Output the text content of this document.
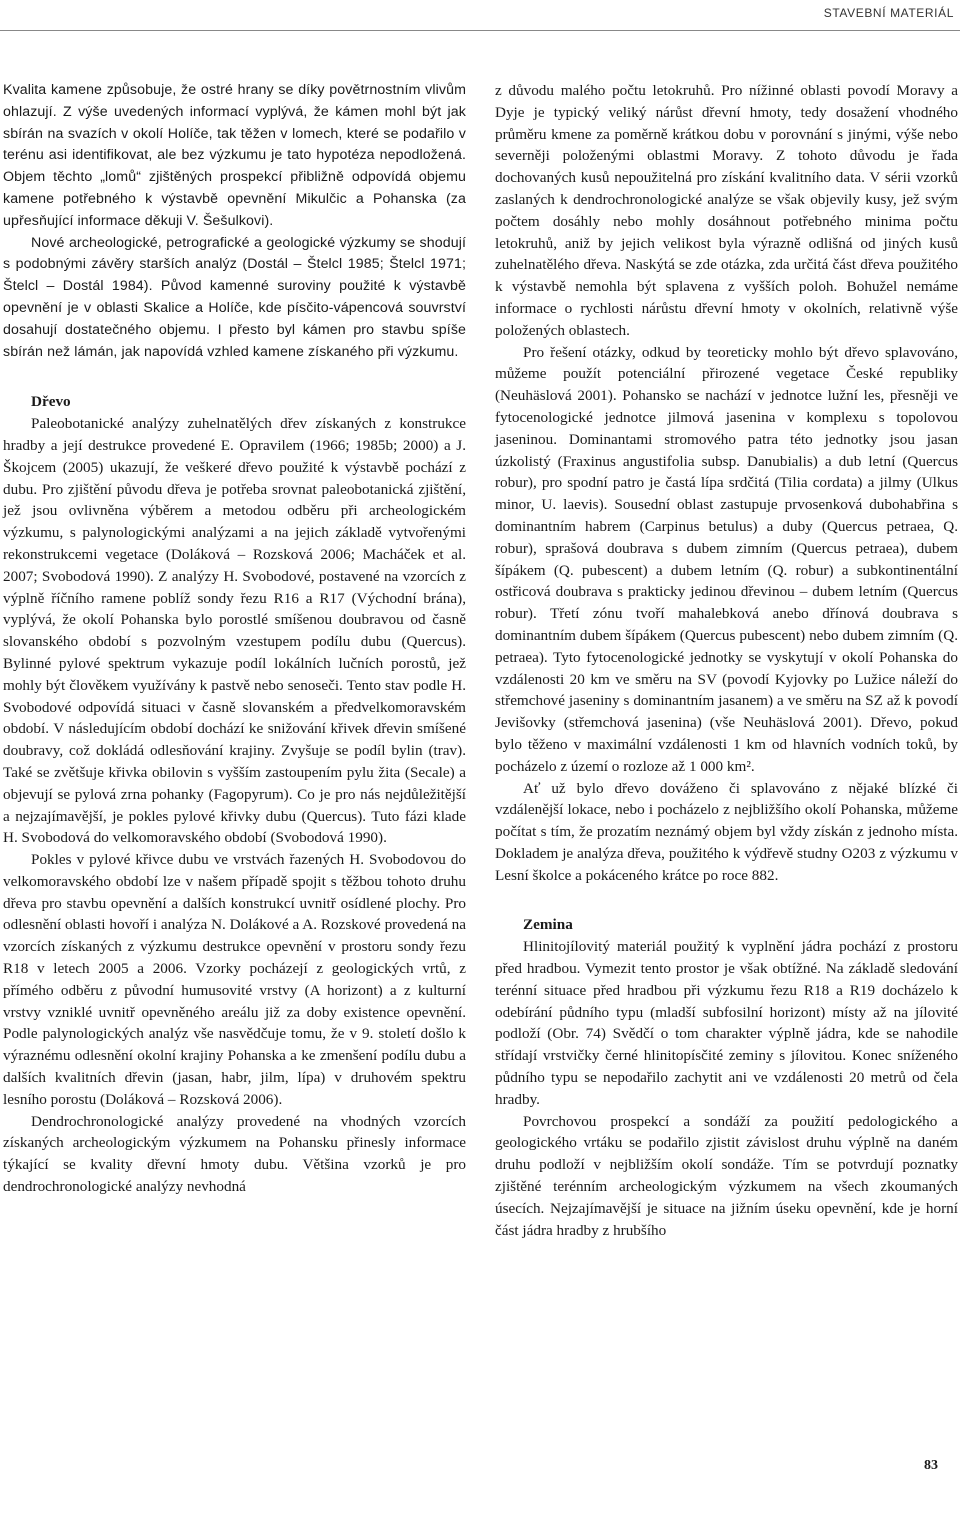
STAVEBNÍ MATERIÁL

Kvalita kamene způsobuje, že ostré hrany se díky povětrnostním vlivům ohlazují. Z výše uvedených informací vyplývá, že kámen mohl být jak sbírán na svazích v okolí Holíče, tak těžen v lomech, které se podařilo v terénu asi identifikovat, ale bez výzkumu je tato hypotéza nepodložená. Objem těchto „lomů“ zjištěných prospekcí přibližně odpovídá objemu kamene potřebného k výstavbě opevnění Mikulčic a Pohanska (za upřesňující informace děkuji V. Šešulkovi).

Nové archeologické, petrografické a geologické výzkumy se shodují s podobnými závěry starších analýz (Dostál – Štelcl 1985; Štelcl 1971; Štelcl – Dostál 1984). Původ kamenné suroviny použité k výstavbě opevnění je v oblasti Skalice a Holíče, kde písčito-vápencová souvrství dosahují dostatečného objemu. I přesto byl kámen pro stavbu spíše sbírán než lámán, jak napovídá vzhled kamene získaného při výzkumu.

Dřevo

Paleobotanické analýzy zuhelnatělých dřev získaných z konstrukce hradby a její destrukce provedené E. Opravilem (1966; 1985b; 2000) a J. Škojcem (2005) ukazují, že veškeré dřevo použité k výstavbě pochází z dubu. Pro zjištění původu dřeva je potřeba srovnat paleobotanická zjištění, jež jsou ovlivněna výběrem a metodou odběru při archeologickém výzkumu, s palynologickými analýzami a na jejich základě vytvořenými rekonstrukcemi vegetace (Doláková – Rozsková 2006; Macháček et al. 2007; Svobodová 1990). Z analýzy H. Svobodové, postavené na vzorcích z výplně říčního ramene poblíž sondy řezu R16 a R17 (Východní brána), vyplývá, že okolí Pohanska bylo porostlé smíšenou doubravou od časně slovanského období s pozvolným vzestupem podílu dubu (Quercus). Bylinné pylové spektrum vykazuje podíl lokálních lučních porostů, jež mohly být člověkem využívány k pastvě nebo senoseči. Tento stav podle H. Svobodové odpovídá situaci v časně slovanském a předvelkomoravském období. V následujícím období dochází ke snižování křivek dřevin smíšené doubravy, což dokládá odlesňování krajiny. Zvyšuje se podíl bylin (trav). Také se zvětšuje křivka obilovin s vyšším zastoupením pylu žita (Secale) a objevují se pylová zrna pohanky (Fagopyrum). Co je pro nás nejdůležitější a nejzajímavější, je pokles pylové křivky dubu (Quercus). Tuto fázi klade H. Svobodová do velkomoravského období (Svobodová 1990).

Pokles v pylové křivce dubu ve vrstvách řazených H. Svobodovou do velkomoravského období lze v našem případě spojit s těžbou tohoto druhu dřeva pro stavbu opevnění a dalších konstrukcí uvnitř osídlené plochy. Pro odlesnění oblasti hovoří i analýza N. Dolákové a A. Rozskové provedená na vzorcích získaných z výzkumu destrukce opevnění v prostoru sondy řezu R18 v letech 2005 a 2006. Vzorky pocházejí z geologických vrtů, z přímého odběru z původní humusovité vrstvy (A horizont) a z kulturní vrstvy vzniklé uvnitř opevněného areálu již za doby existence opevnění. Podle palynologických analýz vše nasvědčuje tomu, že v 9. století došlo k výraznému odlesnění okolní krajiny Pohanska a ke zmenšení podílu dubu a dalších kvalitních dřevin (jasan, habr, jilm, lípa) v druhovém spektru lesního porostu (Doláková – Rozsková 2006).

Dendrochronologické analýzy provedené na vhodných vzorcích získaných archeologickým výzkumem na Pohansku přinesly informace týkající se kvality dřevní hmoty dubu. Většina vzorků je pro dendrochronologické analýzy nevhodná

z důvodu malého počtu letokruhů. Pro nížinné oblasti povodí Moravy a Dyje je typický veliký nárůst dřevní hmoty, tedy dosažení vhodného průměru kmene za poměrně krátkou dobu v porovnání s jinými, výše nebo severněji položenými oblastmi Moravy. Z tohoto důvodu je řada dochovaných kusů nepoužitelná pro získání kvalitního data. V sérii vzorků zaslaných k dendrochronologické analýze se však objevily kusy, jež svým počtem dosáhly nebo mohly dosáhnout potřebného minima počtu letokruhů, aniž by jejich velikost byla výrazně odlišná od jiných kusů zuhelnatělého dřeva. Naskýtá se zde otázka, zda určitá část dřeva použitého k výstavbě nemohla být splavena z vyšších poloh. Bohužel nemáme informace o rychlosti nárůstu dřevní hmoty v okolních, relativně výše položených oblastech.

Pro řešení otázky, odkud by teoreticky mohlo být dřevo splavováno, můžeme použít potenciální přirozené vegetace České republiky (Neuhäslová 2001). Pohansko se nachází v jednotce lužní les, přesněji ve fytocenologické jednotce jilmová jasenina v komplexu s topolovou jaseninou. Dominantami stromového patra této jednotky jsou jasan úzkolistý (Fraxinus angustifolia subsp. Danubialis) a dub letní (Quercus robur), pro spodní patro je častá lípa srdčitá (Tilia cordata) a jilmy (Ulkus minor, U. laevis). Sousední oblast zastupuje prvosenková dubohabřina s dominantním habrem (Carpinus betulus) a duby (Quercus petraea, Q. robur), sprašová doubrava s dubem zimním (Quercus petraea), dubem šípákem (Q. pubescent) a dubem letním (Q. robur) a subkontinentální ostřicová doubrava s prakticky jedinou dřevinou – dubem letním (Quercus robur). Třetí zónu tvoří mahalebková anebo dřínová doubrava s dominantním dubem šípákem (Quercus pubescent) nebo dubem zimním (Q. petraea). Tyto fytocenologické jednotky se vyskytují v okolí Pohanska do vzdálenosti 20 km ve směru na SV (povodí Kyjovky po Lužice náleží do střemchové jaseniny s dominantním jasanem) a ve směru na SZ až k povodí Jevišovky (střemchová jasenina) (vše Neuhäslová 2001). Dřevo, pokud bylo těženo v maximální vzdálenosti 1 km od hlavních vodních toků, by pocházelo z území o rozloze až 1 000 km².

Ať už bylo dřevo dováženo či splavováno z nějaké blízké či vzdálenější lokace, nebo i pocházelo z nejbližšího okolí Pohanska, můžeme počítat s tím, že prozatím neznámý objem byl vždy získán z jednoho místa. Dokladem je analýza dřeva, použitého k výdřevě studny O203 z výzkumu v Lesní školce a pokáceného krátce po roce 882.

Zemina

Hlinitojílovitý materiál použitý k vyplnění jádra pochází z prostoru před hradbou. Vymezit tento prostor je však obtížné. Na základě sledování terénní situace před hradbou při výzkumu řezu R18 a R19 docházelo k odebírání půdního typu (mladší subfosilní horizont) místy až na jílovité podloží (Obr. 74) Svědčí o tom charakter výplně jádra, kde se nahodile střídají vrstvičky černé hlinitopísčité zeminy s jílovitou. Konec sníženého půdního typu se nepodařilo zachytit ani ve vzdálenosti 20 metrů od čela hradby.

Povrchovou prospekcí a sondáží za použití pedologického a geologického vrtáku se podařilo zjistit závislost druhu výplně na daném druhu podloží v nejbližším okolí sondáže. Tím se potvrdují poznatky zjištěné terénním archeologickým výzkumem na všech zkoumaných úsecích. Nejzajímavější je situace na jižním úseku opevnění, kde je horní část jádra hradby z hrubšího

83
